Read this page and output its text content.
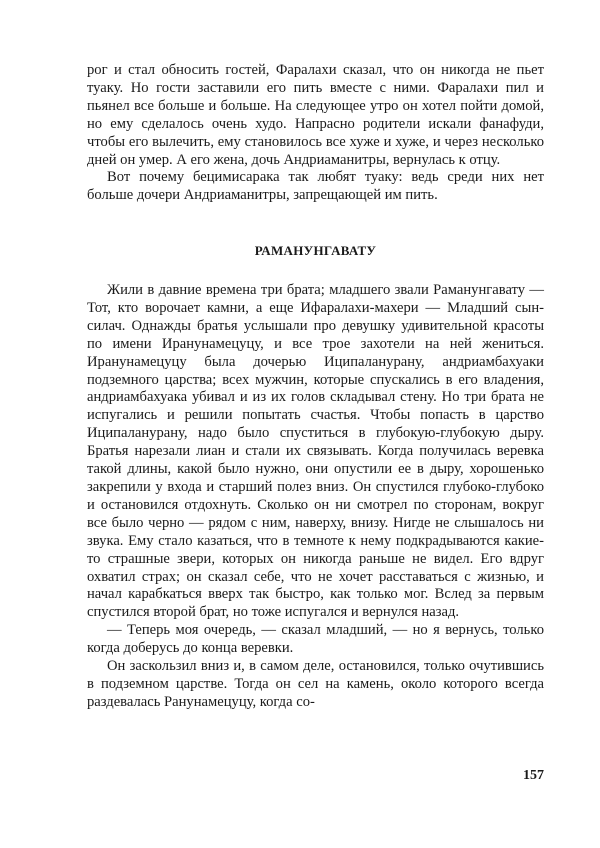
рог и стал обносить гостей, Фаралахи сказал, что он никогда не пьет туаку. Но гости заставили его пить вместе с ними. Фаралахи пил и пьянел все больше и больше. На следующее утро он хотел пойти домой, но ему сделалось очень худо. Напрасно родители искали фанафуди, чтобы его вылечить, ему становилось все хуже и хуже, и через несколько дней он умер. А его жена, дочь Андриаманитры, вернулась к отцу.

Вот почему бецимисарака так любят туаку: ведь среди них нет больше дочери Андриаманитры, запрещающей им пить.

РАМАНУНГАВАТУ

Жили в давние времена три брата; младшего звали Раманунгавату — Тот, кто ворочает камни, а еще Ифаралахи-махери — Младший сын-силач. Однажды братья услышали про девушку удивительной красоты по имени Иранунамецуцу, и все трое захотели на ней жениться. Иранунамецуцу была дочерью Иципаланурану, андриамбахуаки подземного царства; всех мужчин, которые спускались в его владения, андриамбахуака убивал и из их голов складывал стену. Но три брата не испугались и решили попытать счастья. Чтобы попасть в царство Иципаланурану, надо было спуститься в глубокую-глубокую дыру. Братья нарезали лиан и стали их связывать. Когда получилась веревка такой длины, какой было нужно, они опустили ее в дыру, хорошенько закрепили у входа и старший полез вниз. Он спустился глубоко-глубоко и остановился отдохнуть. Сколько он ни смотрел по сторонам, вокруг все было черно — рядом с ним, наверху, внизу. Нигде не слышалось ни звука. Ему стало казаться, что в темноте к нему подкрадываются какие-то страшные звери, которых он никогда раньше не видел. Его вдруг охватил страх; он сказал себе, что не хочет расставаться с жизнью, и начал карабкаться вверх так быстро, как только мог. Вслед за первым спустился второй брат, но тоже испугался и вернулся назад.

— Теперь моя очередь, — сказал младший, — но я вернусь, только когда доберусь до конца веревки.

Он заскользил вниз и, в самом деле, остановился, только очутившись в подземном царстве. Тогда он сел на камень, около которого всегда раздевалась Ранунамецуцу, когда со-

157
